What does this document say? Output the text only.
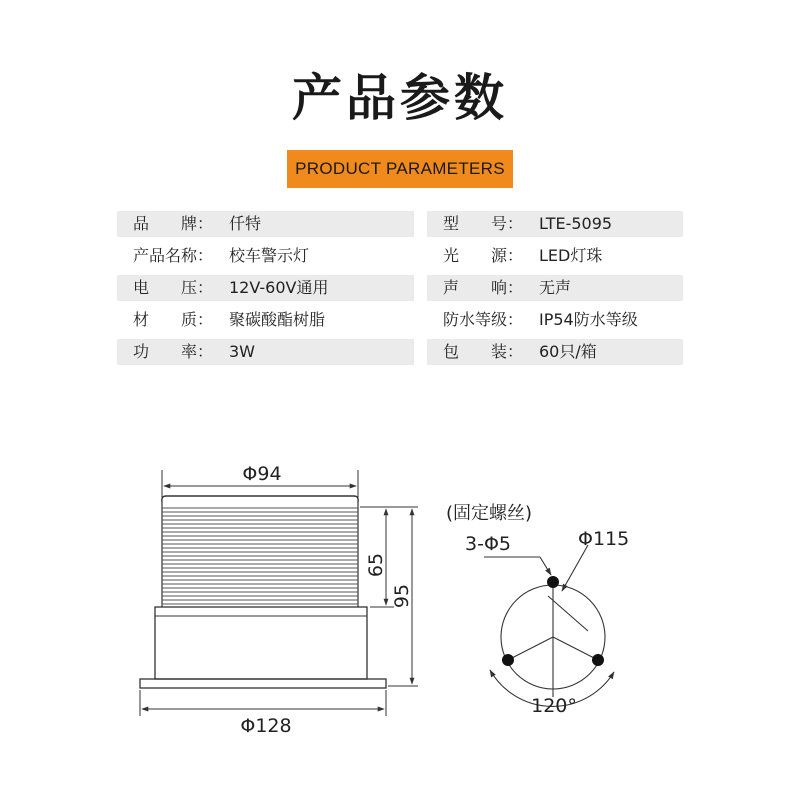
产品参数
PRODUCT PARAMETERS
品　　牌： 仟特	型　　号： LTE-5095
产品名称： 校车警示灯	光　　源： LED灯珠
电　　压： 12V-60V通用	声　　响： 无声
材　　质： 聚碳酸酯树脂	防水等级： IP54防水等级
功　　率： 3W	包　　装： 60只/箱
Φ94
Φ128
65
95
(固定螺丝)
3-Φ5	Φ115
120°
